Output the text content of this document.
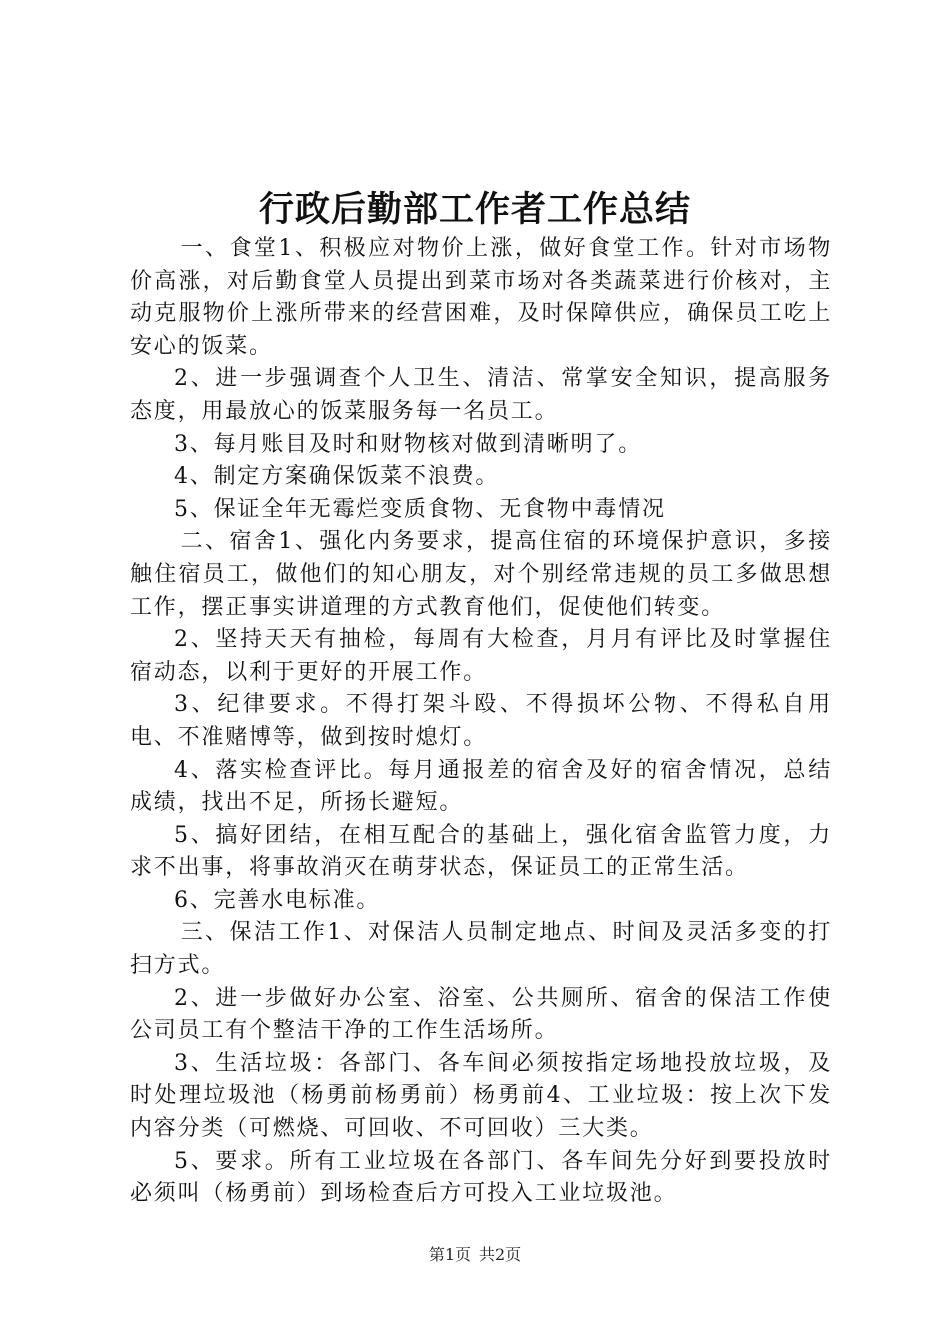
行政后勤部工作者工作总结

一、食堂1、积极应对物价上涨，做好食堂工作。针对市场物价高涨，对后勤食堂人员提出到菜市场对各类蔬菜进行价核对，主动克服物价上涨所带来的经营困难，及时保障供应，确保员工吃上安心的饭菜。

2、进一步强调查个人卫生、清洁、常掌安全知识，提高服务态度，用最放心的饭菜服务每一名员工。

3、每月账目及时和财物核对做到清晰明了。

4、制定方案确保饭菜不浪费。

5、保证全年无霉烂变质食物、无食物中毒情况

二、宿舍1、强化内务要求，提高住宿的环境保护意识，多接触住宿员工，做他们的知心朋友，对个别经常违规的员工多做思想工作，摆正事实讲道理的方式教育他们，促使他们转变。

2、坚持天天有抽检，每周有大检查，月月有评比及时掌握住宿动态，以利于更好的开展工作。

3、纪律要求。不得打架斗殴、不得损坏公物、不得私自用电、不准赌博等，做到按时熄灯。

4、落实检查评比。每月通报差的宿舍及好的宿舍情况，总结成绩，找出不足，所扬长避短。

5、搞好团结，在相互配合的基础上，强化宿舍监管力度，力求不出事，将事故消灭在萌芽状态，保证员工的正常生活。

6、完善水电标准。

三、保洁工作1、对保洁人员制定地点、时间及灵活多变的打扫方式。

2、进一步做好办公室、浴室、公共厕所、宿舍的保洁工作使公司员工有个整洁干净的工作生活场所。

3、生活垃圾：各部门、各车间必须按指定场地投放垃圾，及时处理垃圾池（杨勇前杨勇前）杨勇前4、工业垃圾：按上次下发内容分类（可燃烧、可回收、不可回收）三大类。

5、要求。所有工业垃圾在各部门、各车间先分好到要投放时必须叫（杨勇前）到场检查后方可投入工业垃圾池。

第1页 共2页
